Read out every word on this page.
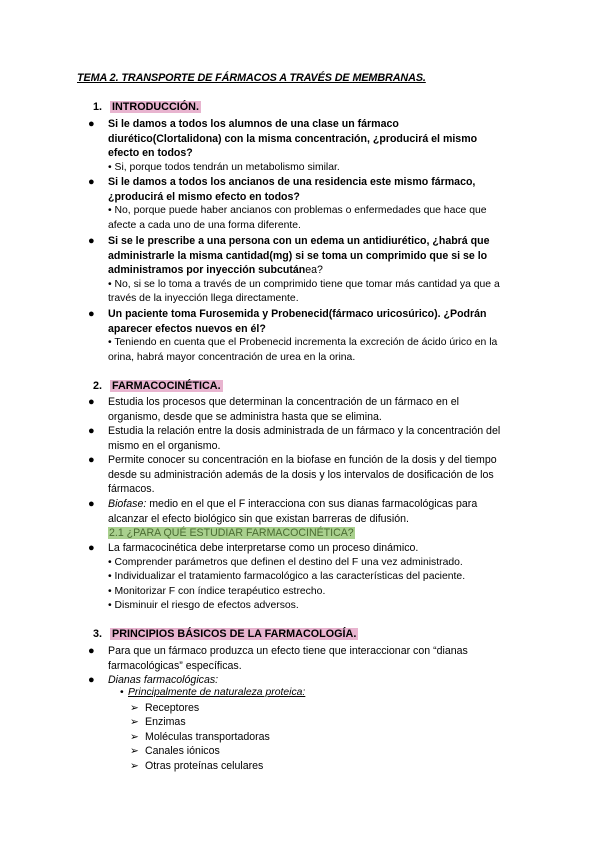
TEMA 2. TRANSPORTE DE FÁRMACOS A TRAVÉS DE MEMBRANAS.
1. INTRODUCCIÓN.
● Si le damos a todos los alumnos de una clase un fármaco
diurético(Clortalidona) con la misma concentración, ¿producirá el mismo
efecto en todos?
• Si, porque todos tendrán un metabolismo similar.
● Si le damos a todos los ancianos de una residencia este mismo fármaco,
¿producirá el mismo efecto en todos?
• No, porque puede haber ancianos con problemas o enfermedades que hace que
afecte a cada uno de una forma diferente.
● Si se le prescribe a una persona con un edema un antidiurético, ¿habrá que
administrarle la misma cantidad(mg) si se toma un comprimido que si se lo
administramos por inyección subcutánea?
• No, si se lo toma a través de un comprimido tiene que tomar más cantidad ya que a
través de la inyección llega directamente.
● Un paciente toma Furosemida y Probenecid(fármaco uricosúrico). ¿Podrán
aparecer efectos nuevos en él?
• Teniendo en cuenta que el Probenecid incrementa la excreción de ácido úrico en la
orina, habrá mayor concentración de urea en la orina.
2. FARMACOCINÉTICA.
● Estudia los procesos que determinan la concentración de un fármaco en el
organismo, desde que se administra hasta que se elimina.
● Estudia la relación entre la dosis administrada de un fármaco y la concentración del
mismo en el organismo.
● Permite conocer su concentración en la biofase en función de la dosis y del tiempo
desde su administración además de la dosis y los intervalos de dosificación de los
fármacos.
● Biofase: medio en el que el F interacciona con sus dianas farmacológicas para
alcanzar el efecto biológico sin que existan barreras de difusión.
2.1 ¿PARA QUÉ ESTUDIAR FARMACOCINÉTICA?
● La farmacocinética debe interpretarse como un proceso dinámico.
• Comprender parámetros que definen el destino del F una vez administrado.
• Individualizar el tratamiento farmacológico a las características del paciente.
• Monitorizar F con índice terapéutico estrecho.
• Disminuir el riesgo de efectos adversos.
3. PRINCIPIOS BÁSICOS DE LA FARMACOLOGÍA.
● Para que un fármaco produzca un efecto tiene que interaccionar con “dianas
farmacológicas” específicas.
● Dianas farmacológicas:
• Principalmente de naturaleza proteica:
➢ Receptores
➢ Enzimas
➢ Moléculas transportadoras
➢ Canales iónicos
➢ Otras proteínas celulares
